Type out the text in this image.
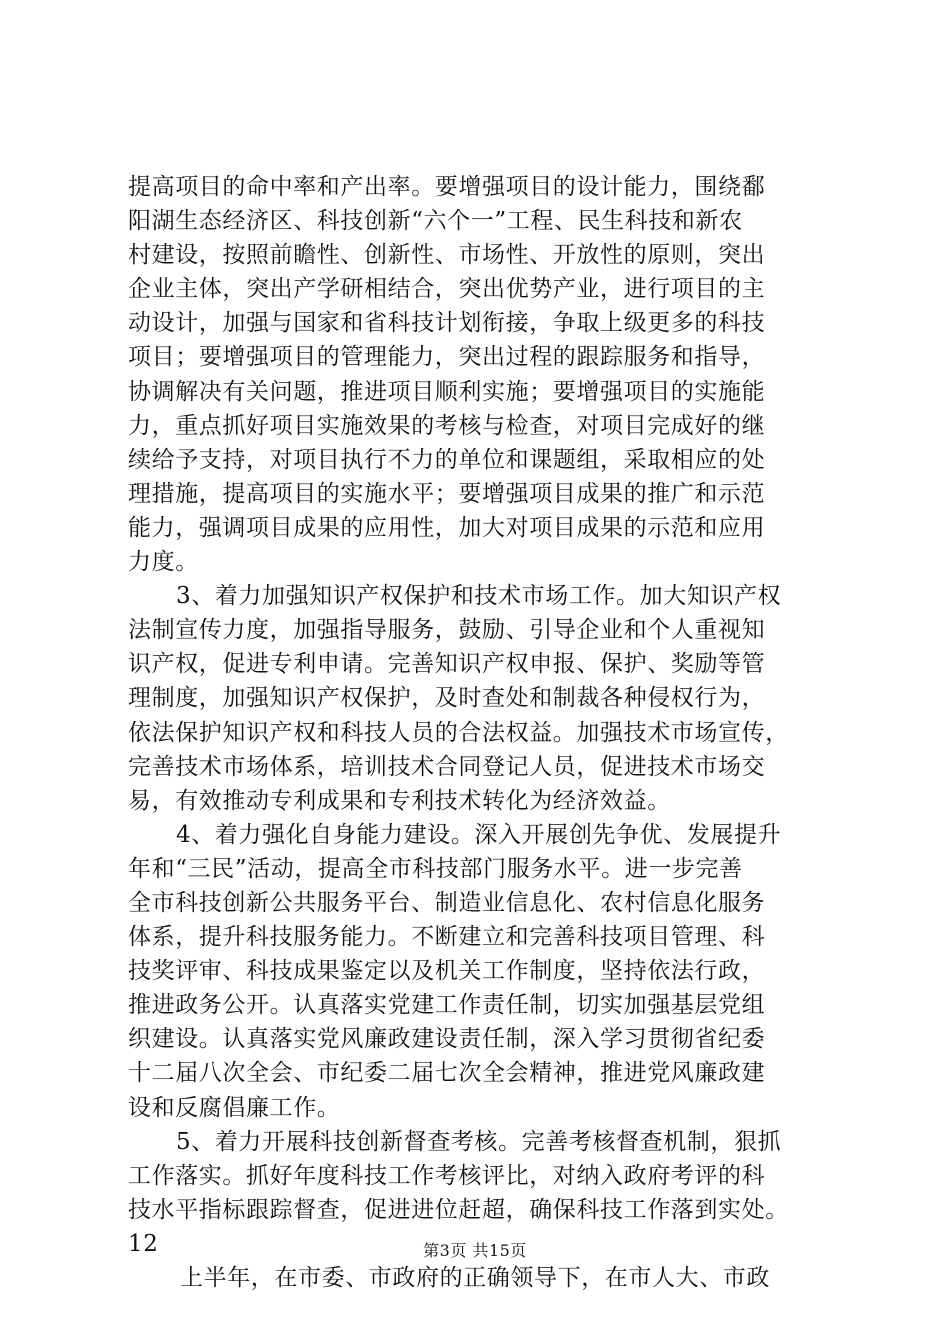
提高项目的命中率和产出率。要增强项目的设计能力，围绕鄱
阳湖生态经济区、科技创新“六个一”工程、民生科技和新农
村建设，按照前瞻性、创新性、市场性、开放性的原则，突出
企业主体，突出产学研相结合，突出优势产业，进行项目的主
动设计，加强与国家和省科技计划衔接，争取上级更多的科技
项目；要增强项目的管理能力，突出过程的跟踪服务和指导，
协调解决有关问题，推进项目顺利实施；要增强项目的实施能
力，重点抓好项目实施效果的考核与检查，对项目完成好的继
续给予支持，对项目执行不力的单位和课题组，采取相应的处
理措施，提高项目的实施水平；要增强项目成果的推广和示范
能力，强调项目成果的应用性，加大对项目成果的示范和应用
力度。
3、着力加强知识产权保护和技术市场工作。加大知识产权
法制宣传力度，加强指导服务，鼓励、引导企业和个人重视知
识产权，促进专利申请。完善知识产权申报、保护、奖励等管
理制度，加强知识产权保护，及时查处和制裁各种侵权行为，
依法保护知识产权和科技人员的合法权益。加强技术市场宣传，
完善技术市场体系，培训技术合同登记人员，促进技术市场交
易，有效推动专利成果和专利技术转化为经济效益。
4、着力强化自身能力建设。深入开展创先争优、发展提升
年和“三民”活动，提高全市科技部门服务水平。进一步完善
全市科技创新公共服务平台、制造业信息化、农村信息化服务
体系，提升科技服务能力。不断建立和完善科技项目管理、科
技奖评审、科技成果鉴定以及机关工作制度，坚持依法行政，
推进政务公开。认真落实党建工作责任制，切实加强基层党组
织建设。认真落实党风廉政建设责任制，深入学习贯彻省纪委
十二届八次全会、市纪委二届七次全会精神，推进党风廉政建
设和反腐倡廉工作。
5、着力开展科技创新督查考核。完善考核督查机制，狠抓
工作落实。抓好年度科技工作考核评比，对纳入政府考评的科
技水平指标跟踪督查，促进进位赶超，确保科技工作落到实处。
12
上半年，在市委、市政府的正确领导下，在市人大、市政
第3页 共15页
